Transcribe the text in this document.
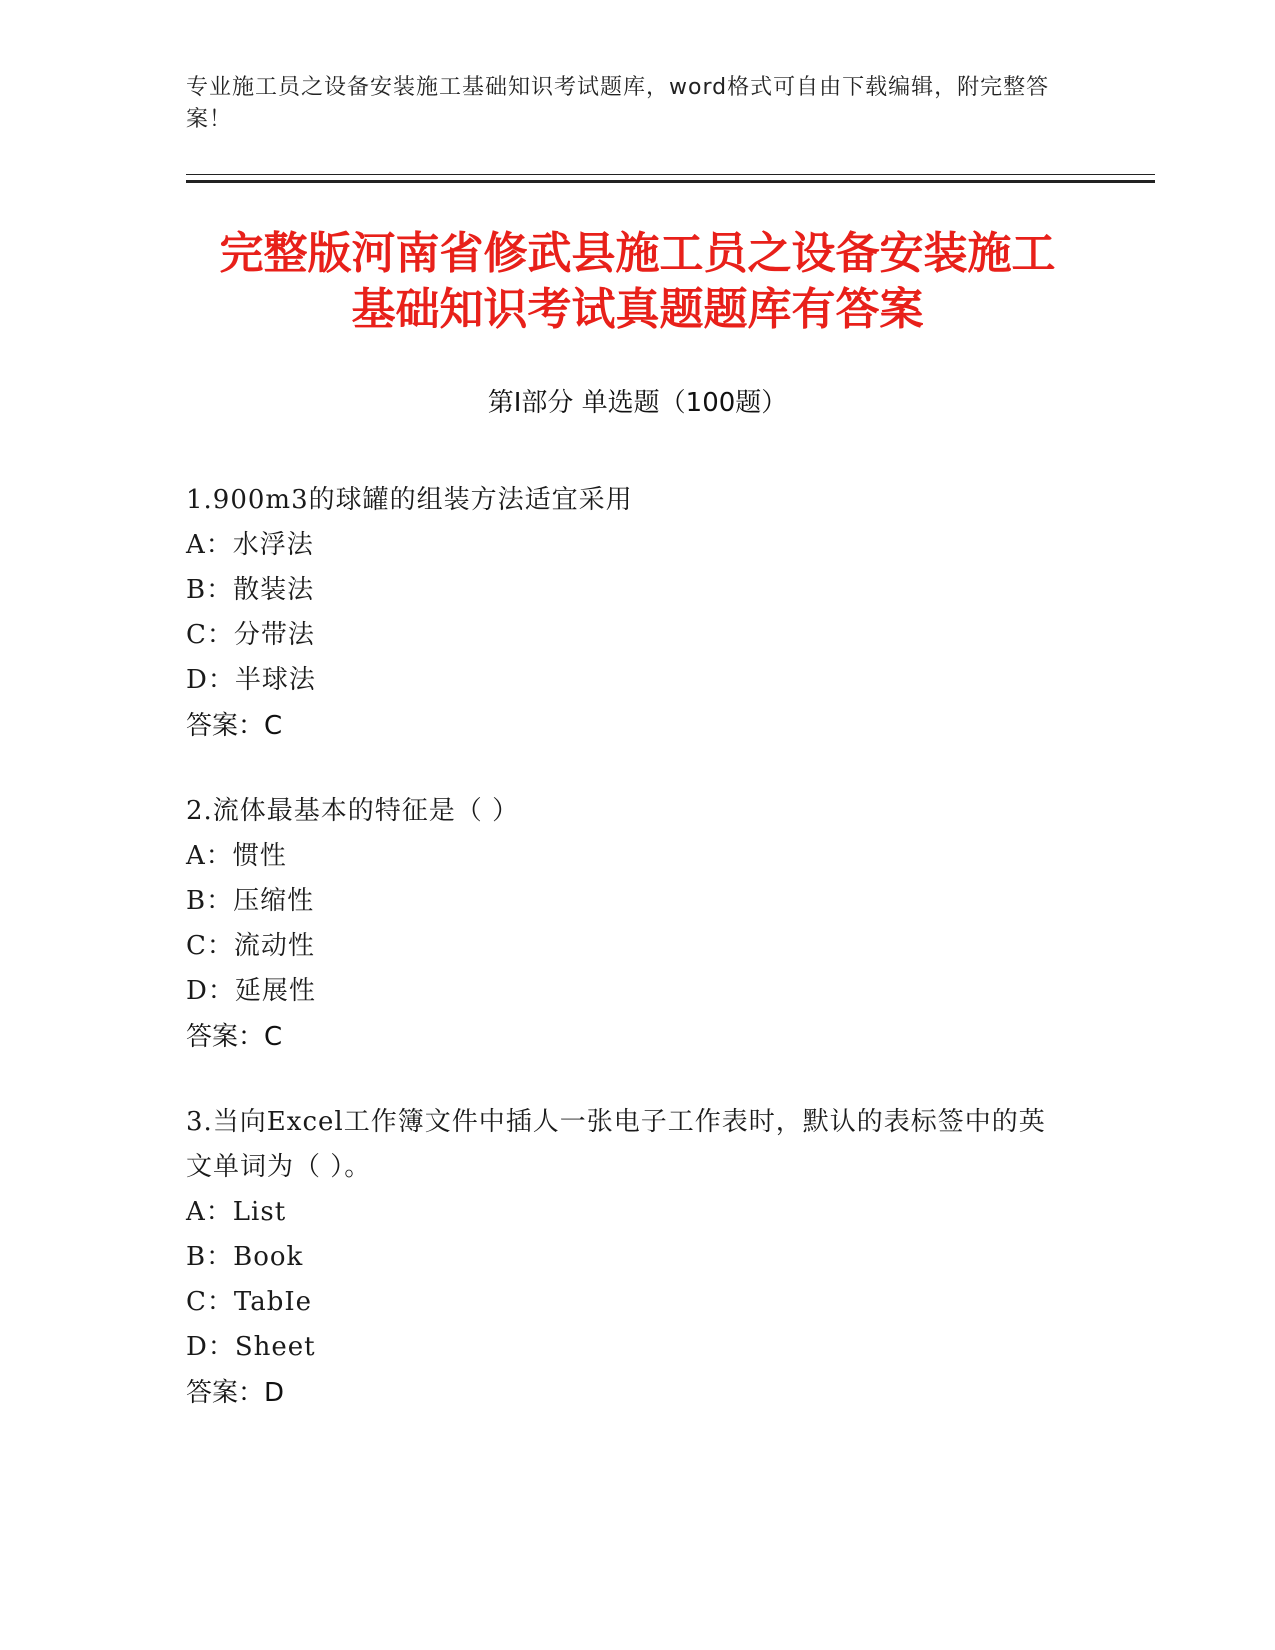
专业施工员之设备安装施工基础知识考试题库，word格式可自由下载编辑，附完整答案！
完整版河南省修武县施工员之设备安装施工
基础知识考试真题题库有答案
第I部分 单选题（100题）
1.900m3的球罐的组装方法适宜采用
A：水浮法
B：散装法
C：分带法
D：半球法
答案：C
2.流体最基本的特征是（ ）
A：惯性
B：压缩性
C：流动性
D：延展性
答案：C
3.当向Excel工作簿文件中插人一张电子工作表时，默认的表标签中的英文单词为（ ）。
A：List
B：Book
C：TabIe
D：Sheet
答案：D
